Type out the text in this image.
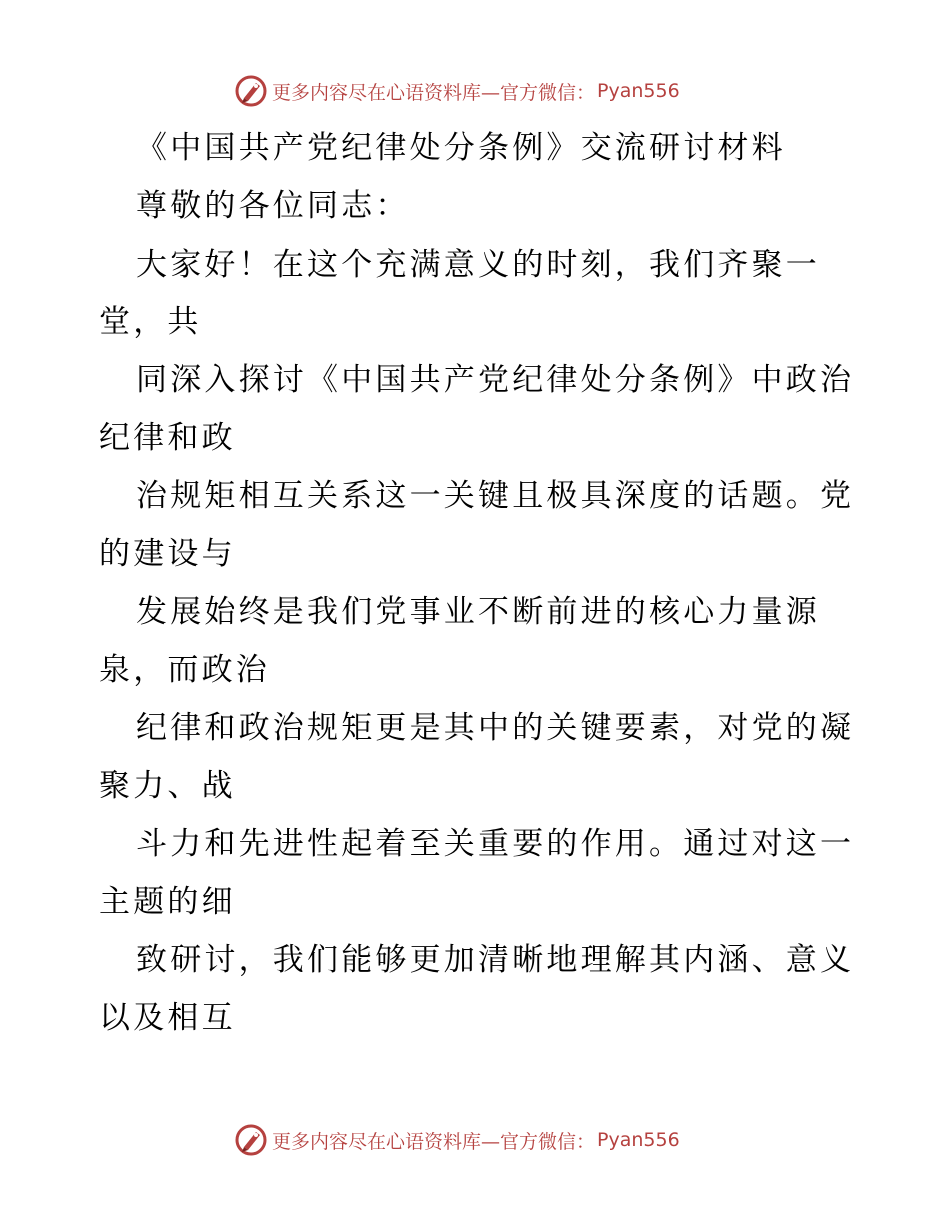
更多内容尽在心语资料库—官方微信： Pyan556
《中国共产党纪律处分条例》交流研讨材料
尊敬的各位同志：
大家好！在这个充满意义的时刻，我们齐聚一
堂，共
同深入探讨《中国共产党纪律处分条例》中政治
纪律和政
治规矩相互关系这一关键且极具深度的话题。党
的建设与
发展始终是我们党事业不断前进的核心力量源
泉，而政治
纪律和政治规矩更是其中的关键要素，对党的凝
聚力、战
斗力和先进性起着至关重要的作用。通过对这一
主题的细
致研讨，我们能够更加清晰地理解其内涵、意义
以及相互
更多内容尽在心语资料库—官方微信： Pyan556
